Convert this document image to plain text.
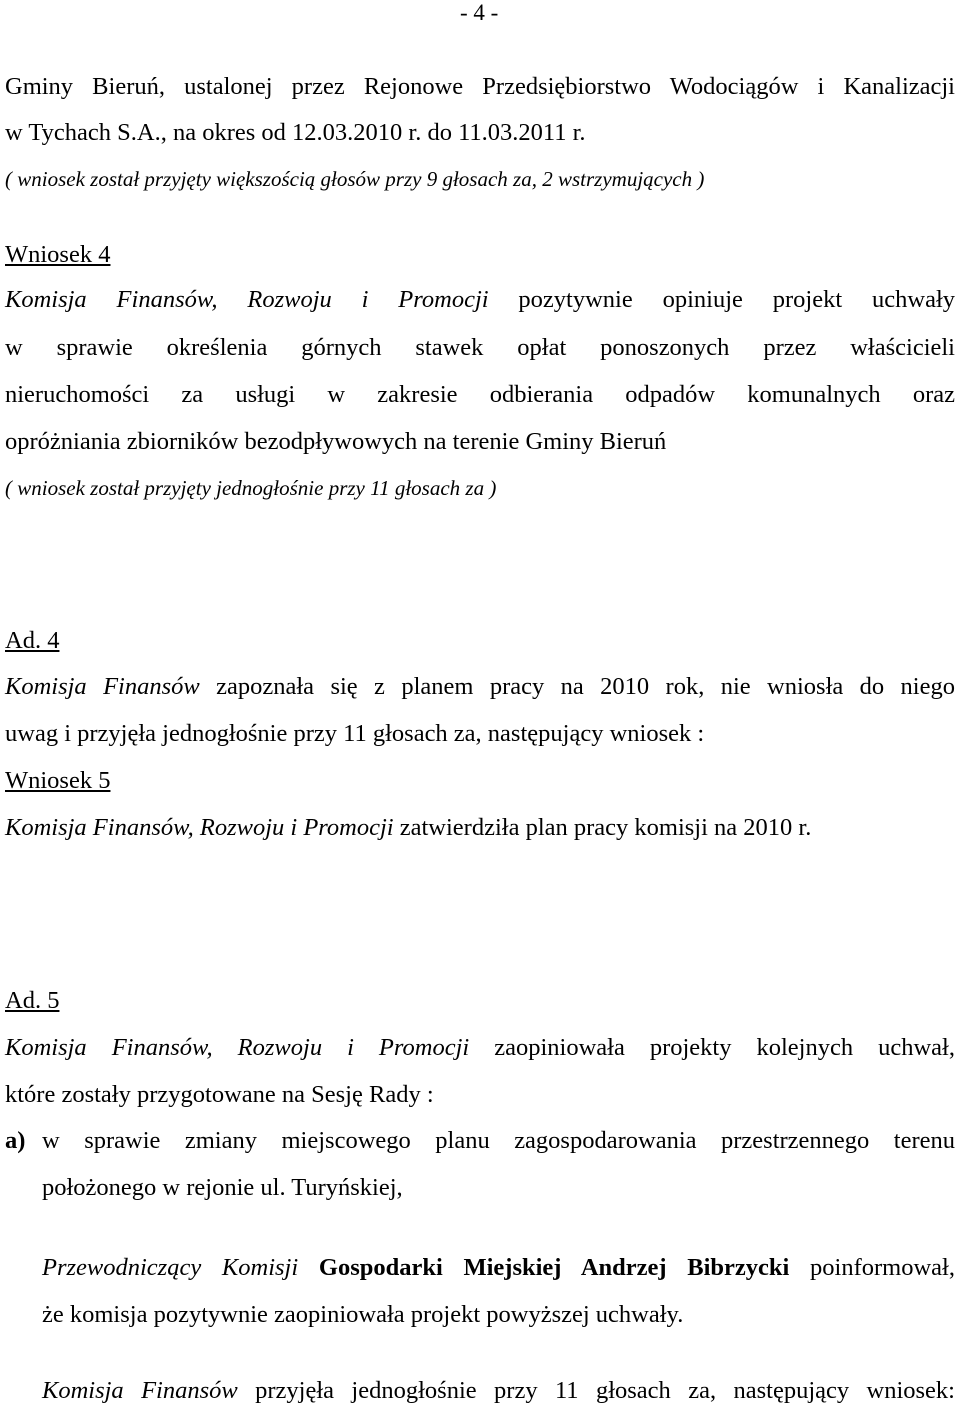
- 4 -
Gminy Bieruń, ustalonej przez Rejonowe Przedsiębiorstwo Wodociągów i Kanalizacji
w Tychach S.A., na okres od 12.03.2010 r. do 11.03.2011 r.
( wniosek został przyjęty większością głosów przy 9 głosach za, 2 wstrzymujących )
Wniosek 4
Komisja Finansów, Rozwoju i Promocji pozytywnie opiniuje projekt uchwały
w sprawie określenia górnych stawek opłat ponoszonych przez właścicieli
nieruchomości za usługi w zakresie odbierania odpadów komunalnych oraz
opróżniania zbiorników bezodpływowych na terenie Gminy Bieruń
( wniosek został przyjęty jednogłośnie przy 11 głosach za )
Ad. 4
Komisja Finansów zapoznała się z planem pracy na 2010 rok, nie wniosła do niego
uwag i przyjęła jednogłośnie przy 11 głosach za, następujący wniosek :
Wniosek 5
Komisja Finansów, Rozwoju i Promocji zatwierdziła plan pracy komisji na 2010 r.
Ad. 5
Komisja Finansów, Rozwoju i Promocji zaopiniowała projekty kolejnych uchwał,
które zostały przygotowane na Sesję Rady :
a) w sprawie zmiany miejscowego planu zagospodarowania przestrzennego terenu
położonego w rejonie ul. Turyńskiej,
Przewodniczący Komisji Gospodarki Miejskiej Andrzej Bibrzycki poinformował,
że komisja pozytywnie zaopiniowała projekt powyższej uchwały.
Komisja Finansów przyjęła jednogłośnie przy 11 głosach za, następujący wniosek:
